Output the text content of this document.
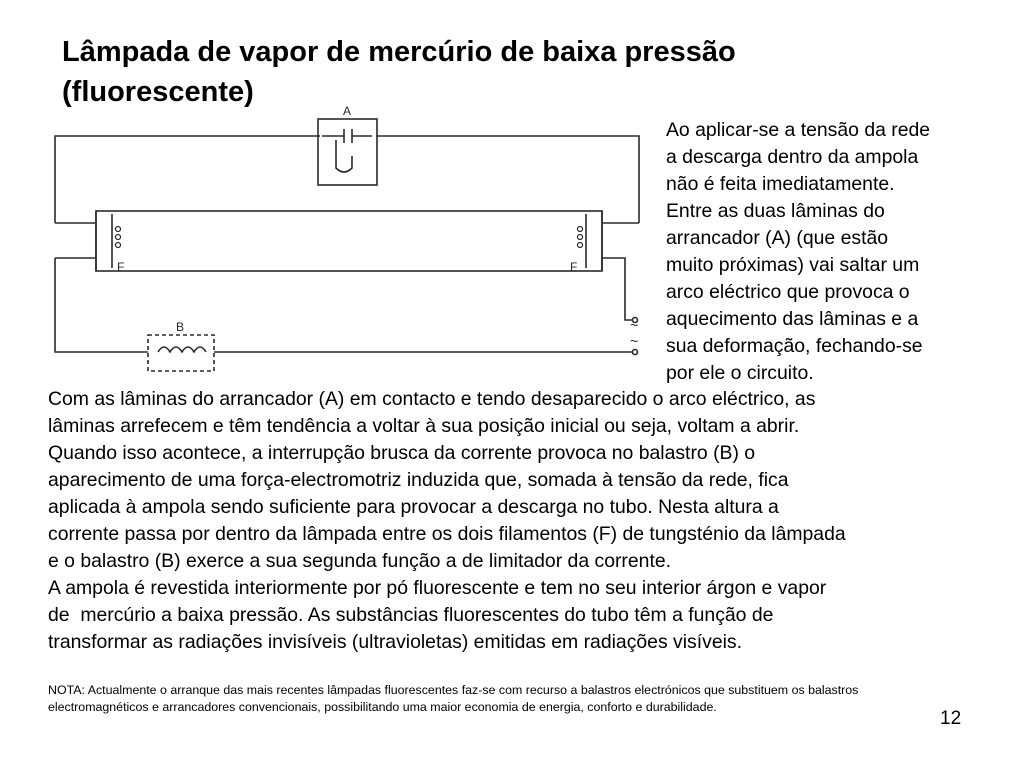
Lâmpada de vapor de mercúrio de baixa pressão
(fluorescente)
A
B
F	F
~
~

Ao aplicar-se a tensão da rede
a descarga dentro da ampola
não é feita imediatamente.
Entre as duas lâminas do
arrancador (A) (que estão
muito próximas) vai saltar um
arco eléctrico que provoca o
aquecimento das lâminas e a
sua deformação, fechando-se
por ele o circuito.

Com as lâminas do arrancador (A) em contacto e tendo desaparecido o arco eléctrico, as
lâminas arrefecem e têm tendência a voltar à sua posição inicial ou seja, voltam a abrir.
Quando isso acontece, a interrupção brusca da corrente provoca no balastro (B) o
aparecimento de uma força-electromotriz induzida que, somada à tensão da rede, fica
aplicada à ampola sendo suficiente para provocar a descarga no tubo. Nesta altura a
corrente passa por dentro da lâmpada entre os dois filamentos (F) de tungsténio da lâmpada
e o balastro (B) exerce a sua segunda função a de limitador da corrente.
A ampola é revestida interiormente por pó fluorescente e tem no seu interior árgon e vapor
de  mercúrio a baixa pressão. As substâncias fluorescentes do tubo têm a função de
transformar as radiações invisíveis (ultravioletas) emitidas em radiações visíveis.

NOTA: Actualmente o arranque das mais recentes lâmpadas fluorescentes faz-se com recurso a balastros electrónicos que substituem os balastros
electromagnéticos e arrancadores convencionais, possibilitando uma maior economia de energia, conforto e durabilidade.

12
